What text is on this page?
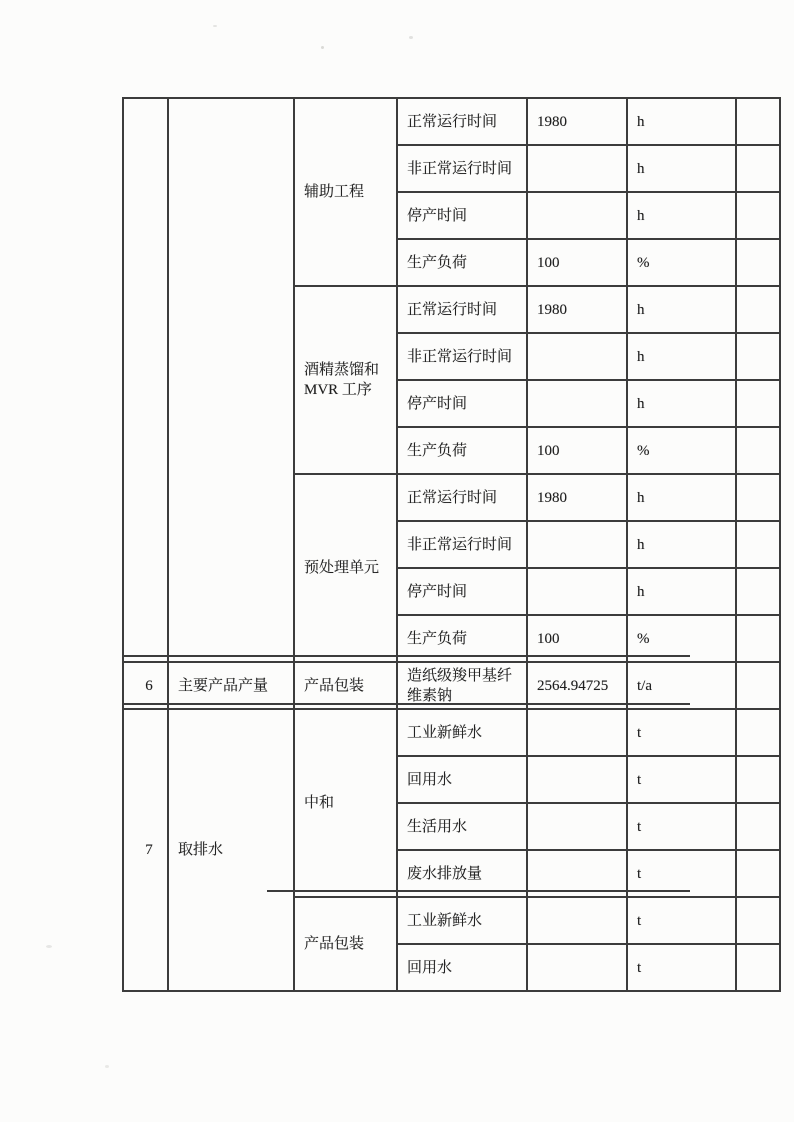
		辅助工程	正常运行时间	1980	h	
			非正常运行时间		h	
			停产时间		h	
			生产负荷	100	%	
		酒精蒸馏和MVR 工序	正常运行时间	1980	h	
			非正常运行时间		h	
			停产时间		h	
			生产负荷	100	%	
		预处理单元	正常运行时间	1980	h	
			非正常运行时间		h	
			停产时间		h	
			生产负荷	100	%	
6	主要产品产量	产品包装	造纸级羧甲基纤维素钠	2564.94725	t/a	
7	取排水	中和	工业新鲜水		t	
			回用水		t	
			生活用水		t	
			废水排放量		t	
		产品包装	工业新鲜水		t	
			回用水		t	
